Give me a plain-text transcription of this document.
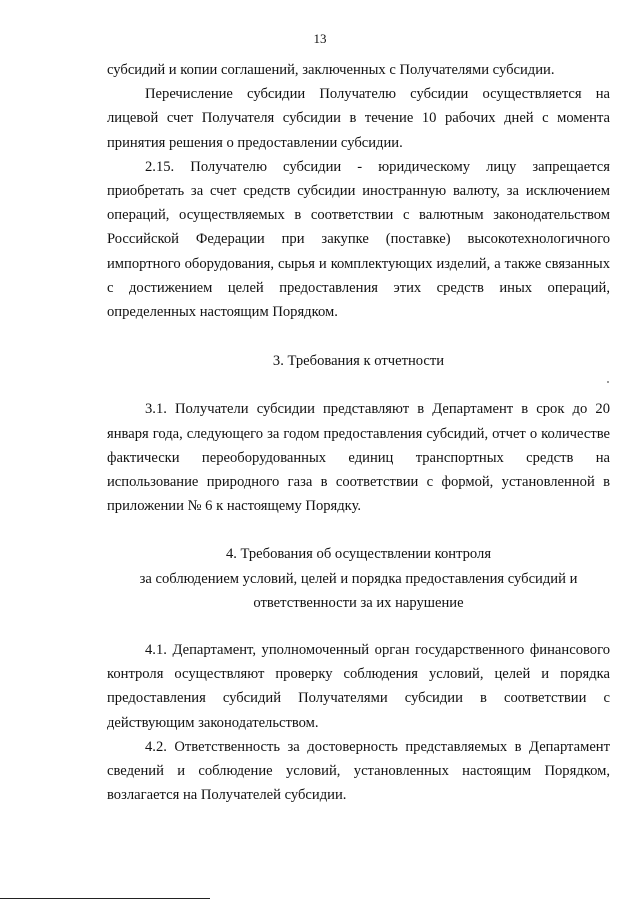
13

субсидий и копии соглашений, заключенных с Получателями субсидии.

Перечисление субсидии Получателю субсидии осуществляется на лицевой счет Получателя субсидии в течение 10 рабочих дней с момента принятия решения о предоставлении субсидии.

2.15. Получателю субсидии - юридическому лицу запрещается приобретать за счет средств субсидии иностранную валюту, за исключением операций, осуществляемых в соответствии с валютным законодательством Российской Федерации при закупке (поставке) высокотехнологичного импортного оборудования, сырья и комплектующих изделий, а также связанных с достижением целей предоставления этих средств иных операций, определенных настоящим Порядком.

3. Требования к отчетности

3.1. Получатели субсидии представляют в Департамент в срок до 20 января года, следующего за годом предоставления субсидий, отчет о количестве фактически переоборудованных единиц транспортных средств на использование природного газа в соответствии с формой, установленной в приложении № 6 к настоящему Порядку.

4. Требования об осуществлении контроля

за соблюдением условий, целей и порядка предоставления субсидий и

ответственности за их нарушение

4.1. Департамент, уполномоченный орган государственного финансового контроля осуществляют проверку соблюдения условий, целей и порядка предоставления субсидий Получателями субсидии в соответствии с действующим законодательством.

4.2. Ответственность за достоверность представляемых в Департамент сведений и соблюдение условий, установленных настоящим Порядком, возлагается на Получателей субсидии.
